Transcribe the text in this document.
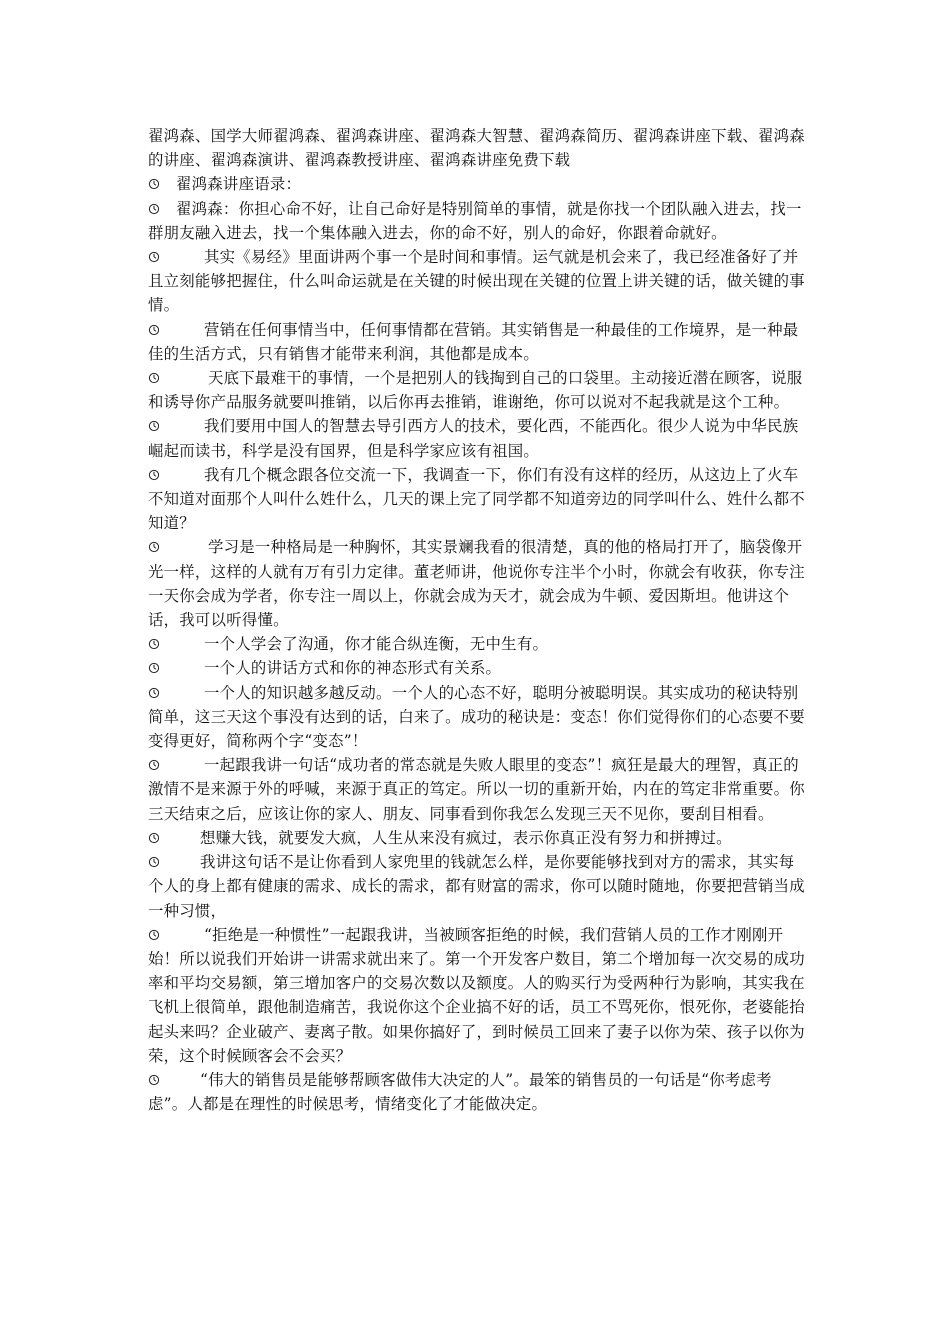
翟鸿森、国学大师翟鸿森、翟鸿森讲座、翟鸿森大智慧、翟鸿森简历、翟鸿森讲座下载、翟鸿森的讲座、翟鸿森演讲、翟鸿森教授讲座、翟鸿森讲座免费下载

翟鸿森讲座语录：

翟鸿森：你担心命不好，让自己命好是特别简单的事情，就是你找一个团队融入进去，找一群朋友融入进去，找一个集体融入进去，你的命不好，别人的命好，你跟着命就好。

其实《易经》里面讲两个事一个是时间和事情。运气就是机会来了，我已经准备好了并且立刻能够把握住，什么叫命运就是在关键的时候出现在关键的位置上讲关键的话，做关键的事情。

营销在任何事情当中，任何事情都在营销。其实销售是一种最佳的工作境界，是一种最佳的生活方式，只有销售才能带来利润，其他都是成本。

天底下最难干的事情，一个是把别人的钱掏到自己的口袋里。主动接近潜在顾客，说服和诱导你产品服务就要叫推销，以后你再去推销，谁谢绝，你可以说对不起我就是这个工种。

我们要用中国人的智慧去导引西方人的技术，要化西，不能西化。很少人说为中华民族崛起而读书，科学是没有国界，但是科学家应该有祖国。

我有几个概念跟各位交流一下，我调查一下，你们有没有这样的经历，从这边上了火车不知道对面那个人叫什么姓什么，几天的课上完了同学都不知道旁边的同学叫什么、姓什么都不知道？

学习是一种格局是一种胸怀，其实景斓我看的很清楚，真的他的格局打开了，脑袋像开光一样，这样的人就有万有引力定律。董老师讲，他说你专注半个小时，你就会有收获，你专注一天你会成为学者，你专注一周以上，你就会成为天才，就会成为牛顿、爱因斯坦。他讲这个话，我可以听得懂。

一个人学会了沟通，你才能合纵连衡，无中生有。

一个人的讲话方式和你的神态形式有关系。

一个人的知识越多越反动。一个人的心态不好，聪明分被聪明误。其实成功的秘诀特别简单，这三天这个事没有达到的话，白来了。成功的秘诀是：变态！你们觉得你们的心态要不要变得更好，简称两个字“变态”！

一起跟我讲一句话“成功者的常态就是失败人眼里的变态”！疯狂是最大的理智，真正的激情不是来源于外的呼喊，来源于真正的笃定。所以一切的重新开始，内在的笃定非常重要。你三天结束之后，应该让你的家人、朋友、同事看到你我怎么发现三天不见你，要刮目相看。

想赚大钱，就要发大疯，人生从来没有疯过，表示你真正没有努力和拼搏过。

我讲这句话不是让你看到人家兜里的钱就怎么样，是你要能够找到对方的需求，其实每个人的身上都有健康的需求、成长的需求，都有财富的需求，你可以随时随地，你要把营销当成一种习惯，

“拒绝是一种惯性”一起跟我讲，当被顾客拒绝的时候，我们营销人员的工作才刚刚开始！所以说我们开始讲一讲需求就出来了。第一个开发客户数目，第二个增加每一次交易的成功率和平均交易额，第三增加客户的交易次数以及额度。人的购买行为受两种行为影响，其实我在飞机上很简单，跟他制造痛苦，我说你这个企业搞不好的话，员工不骂死你，恨死你，老婆能抬起头来吗？企业破产、妻离子散。如果你搞好了，到时候员工回来了妻子以你为荣、孩子以你为荣，这个时候顾客会不会买？

“伟大的销售员是能够帮顾客做伟大决定的人”。最笨的销售员的一句话是“你考虑考虑”。人都是在理性的时候思考，情绪变化了才能做决定。
